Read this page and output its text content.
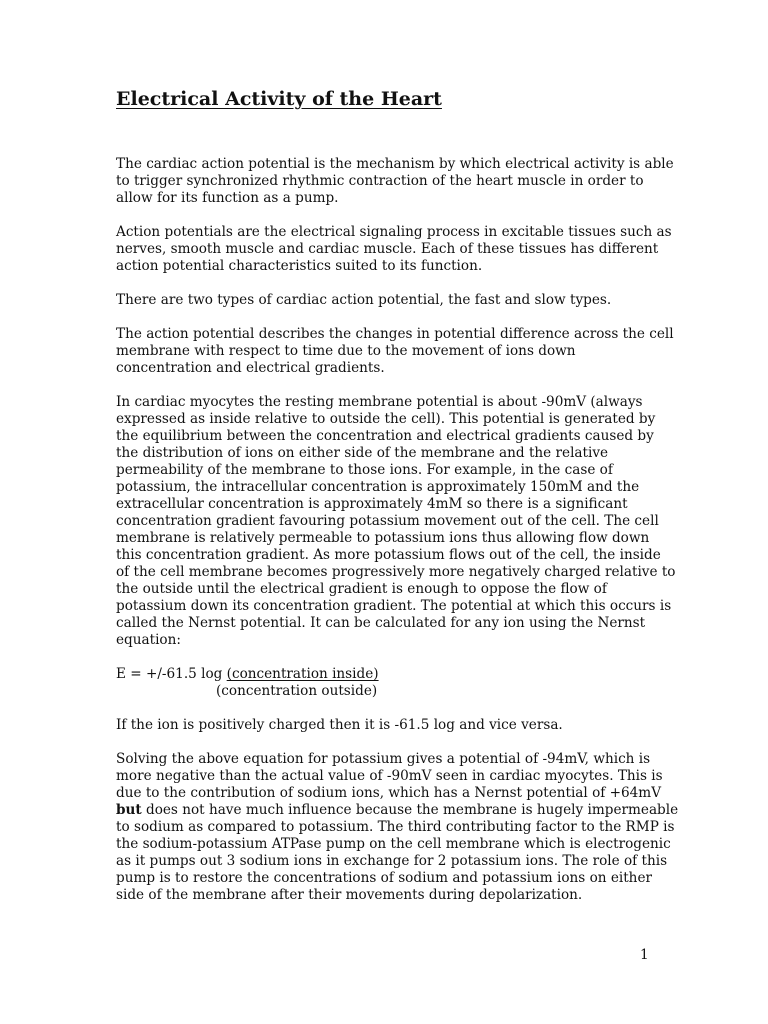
Electrical Activity of the Heart
The cardiac action potential is the mechanism by which electrical activity is able
to trigger synchronized rhythmic contraction of the heart muscle in order to
allow for its function as a pump.
Action potentials are the electrical signaling process in excitable tissues such as
nerves, smooth muscle and cardiac muscle. Each of these tissues has different
action potential characteristics suited to its function.
There are two types of cardiac action potential, the fast and slow types.
The action potential describes the changes in potential difference across the cell
membrane with respect to time due to the movement of ions down
concentration and electrical gradients.
In cardiac myocytes the resting membrane potential is about -90mV (always
expressed as inside relative to outside the cell). This potential is generated by
the equilibrium between the concentration and electrical gradients caused by
the distribution of ions on either side of the membrane and the relative
permeability of the membrane to those ions. For example, in the case of
potassium, the intracellular concentration is approximately 150mM and the
extracellular concentration is approximately 4mM so there is a significant
concentration gradient favouring potassium movement out of the cell. The cell
membrane is relatively permeable to potassium ions thus allowing flow down
this concentration gradient. As more potassium flows out of the cell, the inside
of the cell membrane becomes progressively more negatively charged relative to
the outside until the electrical gradient is enough to oppose the flow of
potassium down its concentration gradient. The potential at which this occurs is
called the Nernst potential. It can be calculated for any ion using the Nernst
equation:
E = +/-61.5 log (concentration inside)
(concentration outside)
If the ion is positively charged then it is -61.5 log and vice versa.
Solving the above equation for potassium gives a potential of -94mV, which is
more negative than the actual value of -90mV seen in cardiac myocytes. This is
due to the contribution of sodium ions, which has a Nernst potential of +64mV
but does not have much influence because the membrane is hugely impermeable
to sodium as compared to potassium. The third contributing factor to the RMP is
the sodium-potassium ATPase pump on the cell membrane which is electrogenic
as it pumps out 3 sodium ions in exchange for 2 potassium ions. The role of this
pump is to restore the concentrations of sodium and potassium ions on either
side of the membrane after their movements during depolarization.
1
